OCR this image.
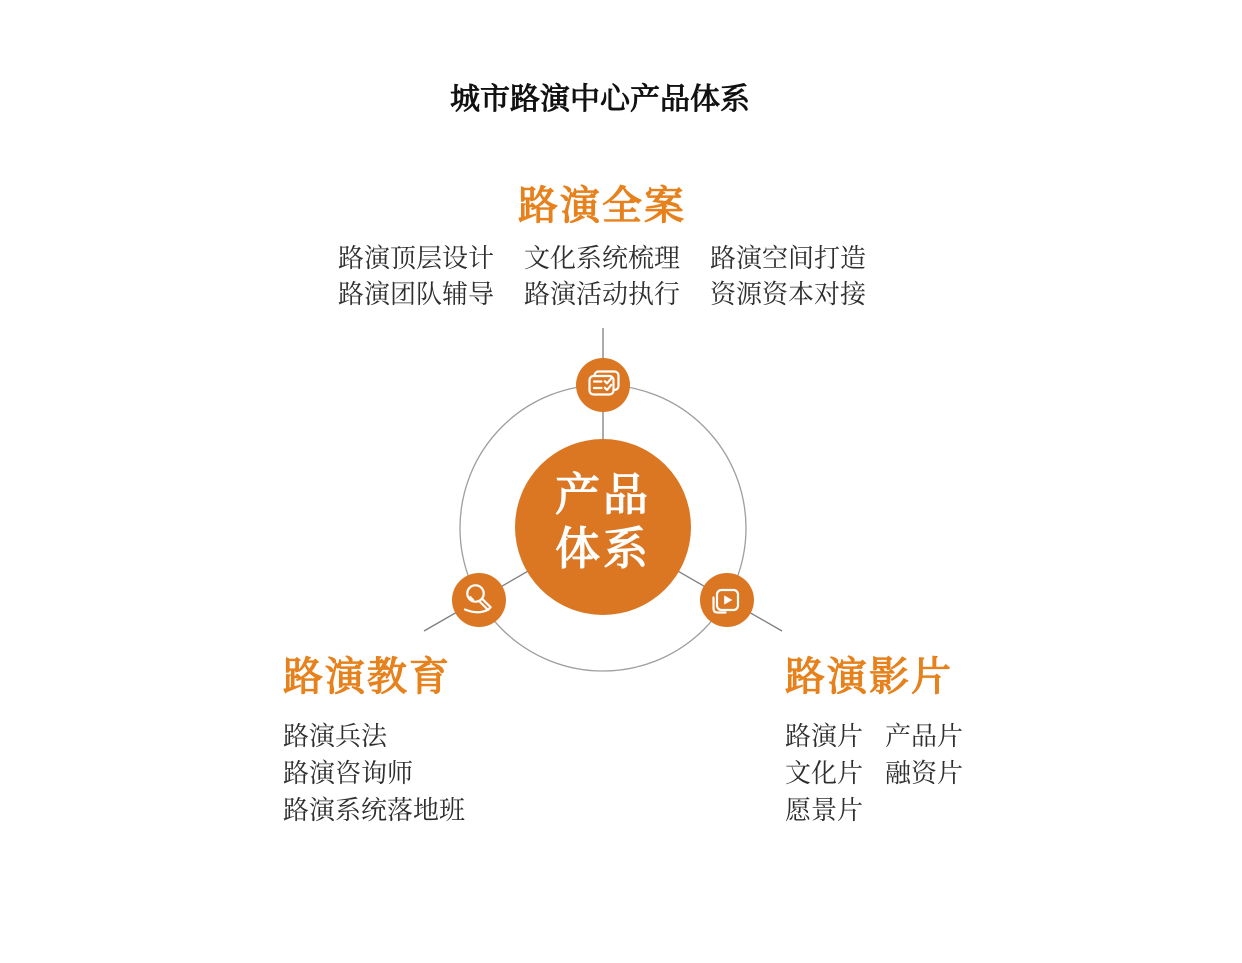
城市路演中心产品体系
路演全案
路演顶层设计 文化系统梳理 路演空间打造
路演团队辅导 路演活动执行 资源资本对接
产品
体系
路演教育
路演兵法
路演咨询师
路演系统落地班
路演影片
路演片 产品片
文化片 融资片
愿景片
